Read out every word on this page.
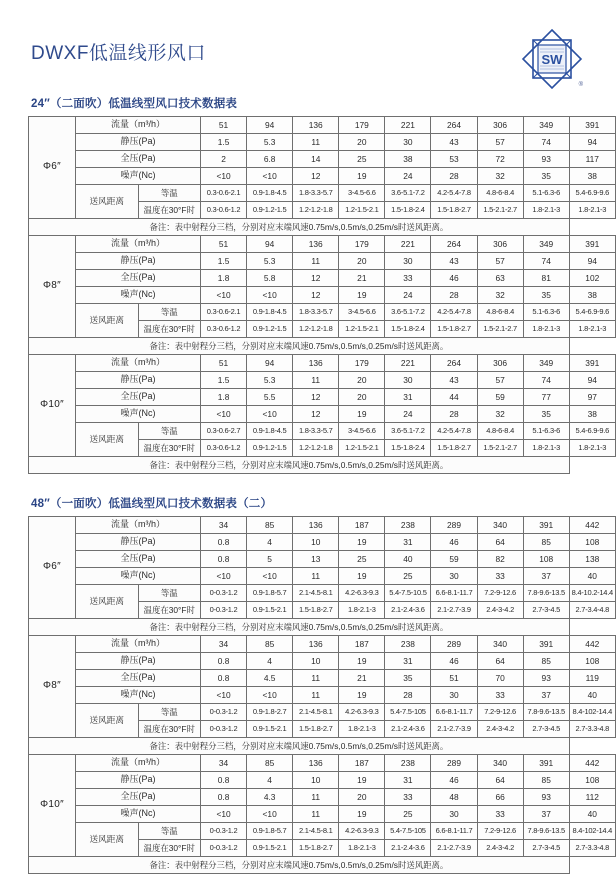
DWXF低温线形风口	SW
®
24″（二面吹）低温线型风口技术数据表
Φ6″	流量（m³/h）		51	94	136	179	221	264	306	349	391
	静压(Pa)		1.5	5.3	11	20	30	43	57	74	94
	全压(Pa)		2	6.8	14	25	38	53	72	93	117
	噪声(Nc)		<10	<10	12	19	24	28	32	35	38
	送风距离	等温	0.3-0.6-2.1	0.9-1.8-4.5	1.8-3.3-5.7	3-4.5-6.6	3.6-5.1-7.2	4.2-5.4-7.8	4.8-6-8.4	5.1-6.3-6	5.4-6.9-9.6
		温度在30°F时	0.3-0.6-1.2	0.9-1.2-1.5	1.2-1.2-1.8	1.2-1.5-2.1	1.5-1.8-2.4	1.5-1.8-2.7	1.5-2.1-2.7	1.8-2.1-3	1.8-2.1-3
备注：表中射程分三档，分别对应末端风速0.75m/s,0.5m/s,0.25m/s时送风距离。											
Φ8″	流量（m³/h）		51	94	136	179	221	264	306	349	391
	静压(Pa)		1.5	5.3	11	20	30	43	57	74	94
	全压(Pa)		1.8	5.8	12	21	33	46	63	81	102
	噪声(Nc)		<10	<10	12	19	24	28	32	35	38
	送风距离	等温	0.3-0.6-2.1	0.9-1.8-4.5	1.8-3.3-5.7	3-4.5-6.6	3.6-5.1-7.2	4.2-5.4-7.8	4.8-6-8.4	5.1-6.3-6	5.4-6.9-9.6
		温度在30°F时	0.3-0.6-1.2	0.9-1.2-1.5	1.2-1.2-1.8	1.2-1.5-2.1	1.5-1.8-2.4	1.5-1.8-2.7	1.5-2.1-2.7	1.8-2.1-3	1.8-2.1-3
备注：表中射程分三档，分别对应末端风速0.75m/s,0.5m/s,0.25m/s时送风距离。											
Φ10″	流量（m³/h）		51	94	136	179	221	264	306	349	391
	静压(Pa)		1.5	5.3	11	20	30	43	57	74	94
	全压(Pa)		1.8	5.5	12	20	31	44	59	77	97
	噪声(Nc)		<10	<10	12	19	24	28	32	35	38
	送风距离	等温	0.3-0.6-2.7	0.9-1.8-4.5	1.8-3.3-5.7	3-4.5-6.6	3.6-5.1-7.2	4.2-5.4-7.8	4.8-6-8.4	5.1-6.3-6	5.4-6.9-9.6
		温度在30°F时	0.3-0.6-1.2	0.9-1.2-1.5	1.2-1.2-1.8	1.2-1.5-2.1	1.5-1.8-2.4	1.5-1.8-2.7	1.5-2.1-2.7	1.8-2.1-3	1.8-2.1-3
备注：表中射程分三档，分别对应末端风速0.75m/s,0.5m/s,0.25m/s时送风距离。											
48″（一面吹）低温线型风口技术数据表（二）
Φ6″	流量（m³/h）		34	85	136	187	238	289	340	391	442
	静压(Pa)		0.8	4	10	19	31	46	64	85	108
	全压(Pa)		0.8	5	13	25	40	59	82	108	138
	噪声(Nc)		<10	<10	11	19	25	30	33	37	40
	送风距离	等温	0-0.3-1.2	0.9-1.8-5.7	2.1-4.5-8.1	4.2-6.3-9.3	5.4-7.5-10.5	6.6-8.1-11.7	7.2-9-12.6	7.8-9.6-13.5	8.4-10.2-14.4
		温度在30°F时	0-0.3-1.2	0.9-1.5-2.1	1.5-1.8-2.7	1.8-2.1-3	2.1-2.4-3.6	2.1-2.7-3.9	2.4-3-4.2	2.7-3-4.5	2.7-3.4-4.8
备注：表中射程分三档，分别对应末端风速0.75m/s,0.5m/s,0.25m/s时送风距离。											
Φ8″	流量（m³/h）		34	85	136	187	238	289	340	391	442
	静压(Pa)		0.8	4	10	19	31	46	64	85	108
	全压(Pa)		0.8	4.5	11	21	35	51	70	93	119
	噪声(Nc)		<10	<10	11	19	28	30	33	37	40
	送风距离	等温	0-0.3-1.2	0.9-1.8-2.7	2.1-4.5-8.1	4.2-6.3-9.3	5.4-7.5-105	6.6-8.1-11.7	7.2-9-12.6	7.8-9.6-13.5	8.4-102-14.4
		温度在30°F时	0-0.3-1.2	0.9-1.5-2.1	1.5-1.8-2.7	1.8-2.1-3	2.1-2.4-3.6	2.1-2.7-3.9	2.4-3-4.2	2.7-3-4.5	2.7-3.3-4.8
备注：表中射程分三档，分别对应末端风速0.75m/s,0.5m/s,0.25m/s时送风距离。											
Φ10″	流量（m³/h）		34	85	136	187	238	289	340	391	442
	静压(Pa)		0.8	4	10	19	31	46	64	85	108
	全压(Pa)		0.8	4.3	11	20	33	48	66	93	112
	噪声(Nc)		<10	<10	11	19	25	30	33	37	40
	送风距离	等温	0-0.3-1.2	0.9-1.8-5.7	2.1-4.5-8.1	4.2-6.3-9.3	5.4-7.5-105	6.6-8.1-11.7	7.2-9-12.6	7.8-9.6-13.5	8.4-102-14.4
		温度在30°F时	0-0.3-1.2	0.9-1.5-2.1	1.5-1.8-2.7	1.8-2.1-3	2.1-2.4-3.6	2.1-2.7-3.9	2.4-3-4.2	2.7-3-4.5	2.7-3.3-4.8
备注：表中射程分三档，分别对应末端风速0.75m/s,0.5m/s,0.25m/s时送风距离。											
